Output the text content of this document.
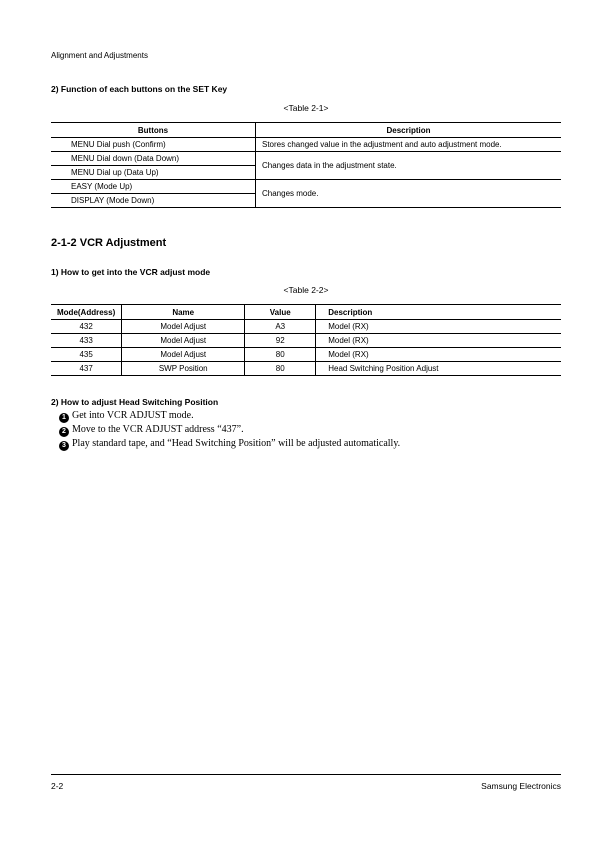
Alignment and Adjustments
2) Function of each buttons on the SET Key
<Table 2-1>
Buttons	Description
MENU Dial push (Confirm)	Stores changed value in the adjustment and auto adjustment mode.
MENU Dial down (Data Down)	Changes data in the adjustment state.
MENU Dial up (Data Up)	
EASY (Mode Up)	Changes mode.
DISPLAY (Mode Down)	
2-1-2 VCR Adjustment
1) How to get into the VCR adjust mode
<Table 2-2>
Mode(Address)	Name	Value	Description
432	Model Adjust	A3	Model (RX)
433	Model Adjust	92	Model (RX)
435	Model Adjust	80	Model (RX)
437	SWP Position	80	Head Switching Position Adjust
2) How to adjust Head Switching Position
1 Get into VCR ADJUST mode.
2 Move to the VCR ADJUST address “437”.
3 Play standard tape, and “Head Switching Position” will be adjusted automatically.
2-2	Samsung Electronics
